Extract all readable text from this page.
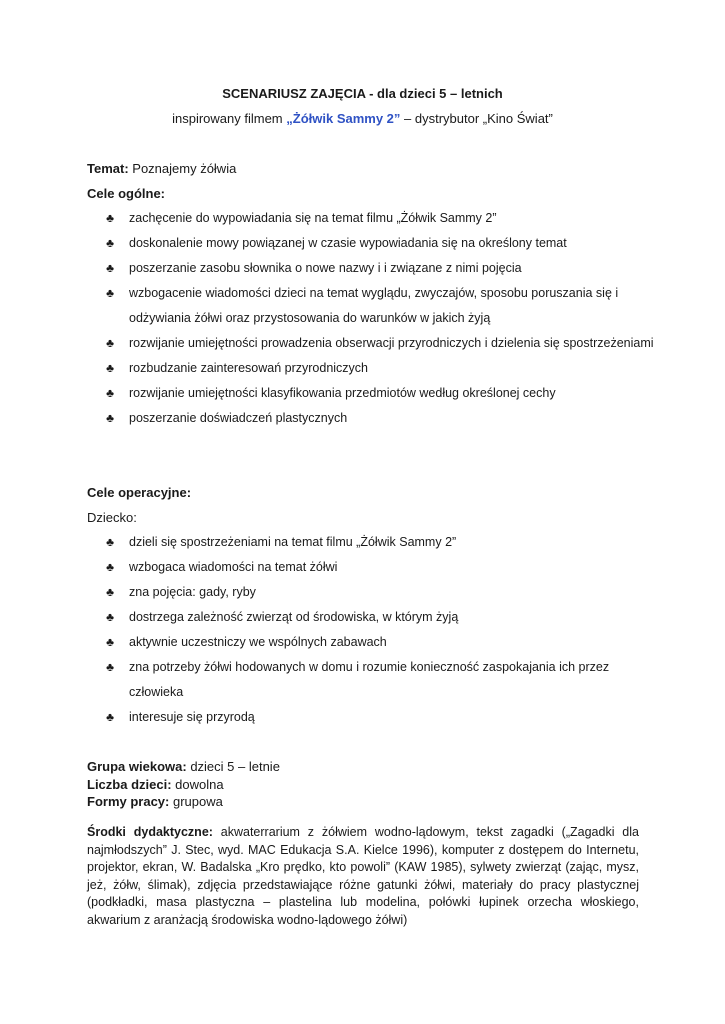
SCENARIUSZ ZAJĘCIA - dla dzieci 5 – letnich
inspirowany filmem „Żółwik Sammy 2” – dystrybutor „Kino Świat”
Temat: Poznajemy żółwia
Cele ogólne:
♣	zachęcenie do wypowiadania się na temat filmu „Żółwik Sammy 2”
♣	doskonalenie mowy powiązanej w czasie wypowiadania się na określony temat
♣	poszerzanie zasobu słownika o nowe nazwy i i związane z nimi pojęcia
♣	wzbogacenie wiadomości dzieci na temat wyglądu, zwyczajów, sposobu poruszania się i odżywiania żółwi oraz przystosowania do warunków w jakich żyją
♣	rozwijanie umiejętności prowadzenia obserwacji przyrodniczych i dzielenia się spostrzeżeniami
♣	rozbudzanie zainteresowań przyrodniczych
♣	rozwijanie umiejętności klasyfikowania przedmiotów według określonej cechy
♣	poszerzanie doświadczeń plastycznych
Cele operacyjne:
Dziecko:
♣	dzieli się spostrzeżeniami na temat filmu „Żółwik Sammy 2”
♣	wzbogaca wiadomości na temat żółwi
♣	zna pojęcia: gady, ryby
♣	dostrzega zależność zwierząt od środowiska, w którym żyją
♣	aktywnie uczestniczy we wspólnych zabawach
♣	zna potrzeby żółwi hodowanych w domu i rozumie konieczność zaspokajania ich przez człowieka
♣	interesuje się przyrodą
Grupa wiekowa: dzieci 5 – letnie
Liczba dzieci: dowolna
Formy pracy: grupowa
Środki dydaktyczne: akwaterrarium z żółwiem wodno-lądowym, tekst zagadki („Zagadki dla najmłodszych” J. Stec, wyd. MAC Edukacja S.A. Kielce 1996), komputer z dostępem do Internetu, projektor, ekran, W. Badalska „Kro prędko, kto powoli” (KAW 1985), sylwety zwierząt (zając, mysz, jeż, żółw, ślimak), zdjęcia przedstawiające różne gatunki żółwi, materiały do pracy plastycznej (podkładki, masa plastyczna – plastelina lub modelina, połówki łupinek orzecha włoskiego, akwarium z aranżacją środowiska wodno-lądowego żółwi)
